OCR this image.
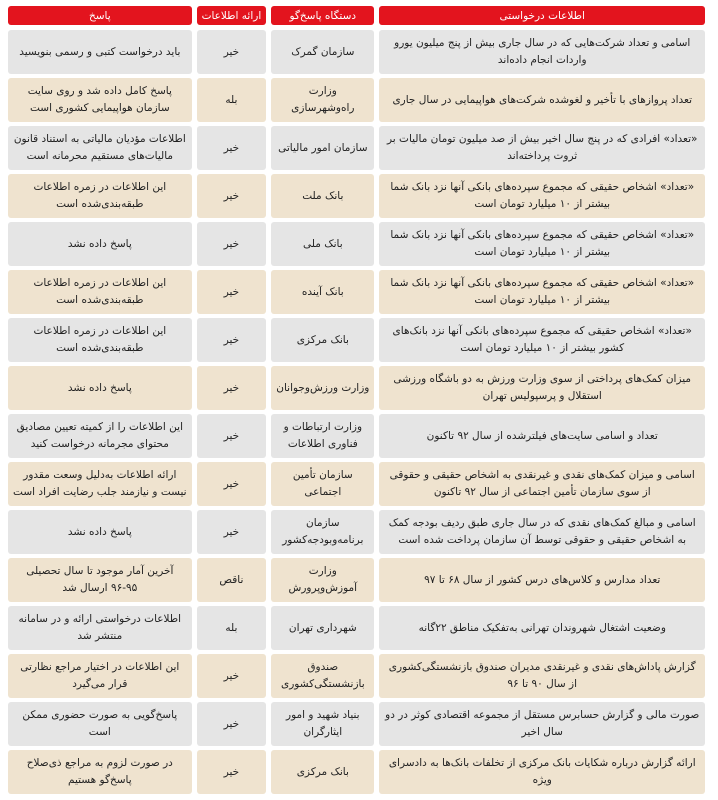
اطلاعات درخواستی
دستگاه پاسخ‌گو
ارائه اطلاعات
پاسخ
اسامی و تعداد شرکت‌هایی که در سال جاری بیش از پنج میلیون یورو واردات انجام داده‌اند
سازمان گمرک
خیر
باید درخواست کتبی و رسمی بنویسید
تعداد پروازهای با تأخیر و لغوشده شرکت‌های هواپیمایی در سال جاری
وزارت راه‌وشهرسازی
بله
پاسخ کامل داده شد و روی سایت سازمان هواپیمایی کشوری است
«تعداد» افرادی که در پنج سال اخیر بیش از صد میلیون تومان مالیات بر ثروت پرداخته‌اند
سازمان امور مالیاتی
خیر
اطلاعات مؤدیان مالیاتی به استناد قانون مالیات‌های مستقیم محرمانه است
«تعداد» اشخاص حقیقی که مجموع سپرده‌های بانکی آنها نزد بانک شما بیشتر از ۱۰ میلیارد تومان است
بانک ملت
خیر
این اطلاعات در زمره اطلاعات طبقه‌بندی‌شده است
«تعداد» اشخاص حقیقی که مجموع سپرده‌های بانکی آنها نزد بانک شما بیشتر از ۱۰ میلیارد تومان است
بانک ملی
خیر
پاسخ داده نشد
«تعداد» اشخاص حقیقی که مجموع سپرده‌های بانکی آنها نزد بانک شما بیشتر از ۱۰ میلیارد تومان است
بانک آینده
خیر
این اطلاعات در زمره اطلاعات طبقه‌بندی‌شده است
«تعداد» اشخاص حقیقی که مجموع سپرده‌های بانکی آنها نزد بانک‌های کشور بیشتر از ۱۰ میلیارد تومان است
بانک مرکزی
خیر
این اطلاعات در زمره اطلاعات طبقه‌بندی‌شده است
میزان کمک‌های پرداختی از سوی وزارت ورزش به دو باشگاه ورزشی استقلال و پرسپولیس تهران
وزارت ورزش‌وجوانان
خیر
پاسخ داده نشد
تعداد و اسامی سایت‌های فیلترشده از سال ۹۲ تاکنون
وزارت ارتباطات و فناوری اطلاعات
خیر
این اطلاعات را از کمیته تعیین مصادیق محتوای مجرمانه درخواست کنید
اسامی و میزان کمک‌های نقدی و غیرنقدی به اشخاص حقیقی و حقوقی از سوی سازمان تأمین اجتماعی از سال ۹۲ تاکنون
سازمان تأمین اجتماعی
خیر
ارائه اطلاعات به‌دلیل وسعت مقدور نیست و نیازمند جلب رضایت افراد است
اسامی و مبالغ کمک‌های نقدی که در سال جاری طبق ردیف بودجه کمک به اشخاص حقیقی و حقوقی توسط آن سازمان پرداخت شده است
سازمان برنامه‌وبودجه‌کشور
خیر
پاسخ داده نشد
تعداد مدارس و کلاس‌های درس کشور از سال ۶۸ تا ۹۷
وزارت آموزش‌وپرورش
ناقص
آخرین آمار موجود تا سال تحصیلی ۹۵-۹۶ ارسال شد
وضعیت اشتغال شهروندان تهرانی به‌تفکیک مناطق ۲۲گانه
شهرداری تهران
بله
اطلاعات درخواستی ارائه و در سامانه منتشر شد
گزارش پاداش‌های نقدی و غیرنقدی مدیران صندوق بازنشستگی‌کشوری از سال ۹۰ تا ۹۶
صندوق بازنشستگی‌کشوری
خیر
این اطلاعات در اختیار مراجع نظارتی قرار می‌گیرد
صورت مالی و گزارش حسابرس مستقل از مجموعه اقتصادی کوثر در دو سال اخیر
بنیاد شهید و امور ایثارگران
خیر
پاسخ‌گویی به صورت حضوری ممکن است
ارائه گزارش درباره شکایات بانک مرکزی از تخلفات بانک‌ها به دادسرای ویژه
بانک مرکزی
خیر
در صورت لزوم به مراجع ذی‌صلاح پاسخ‌گو هستیم
